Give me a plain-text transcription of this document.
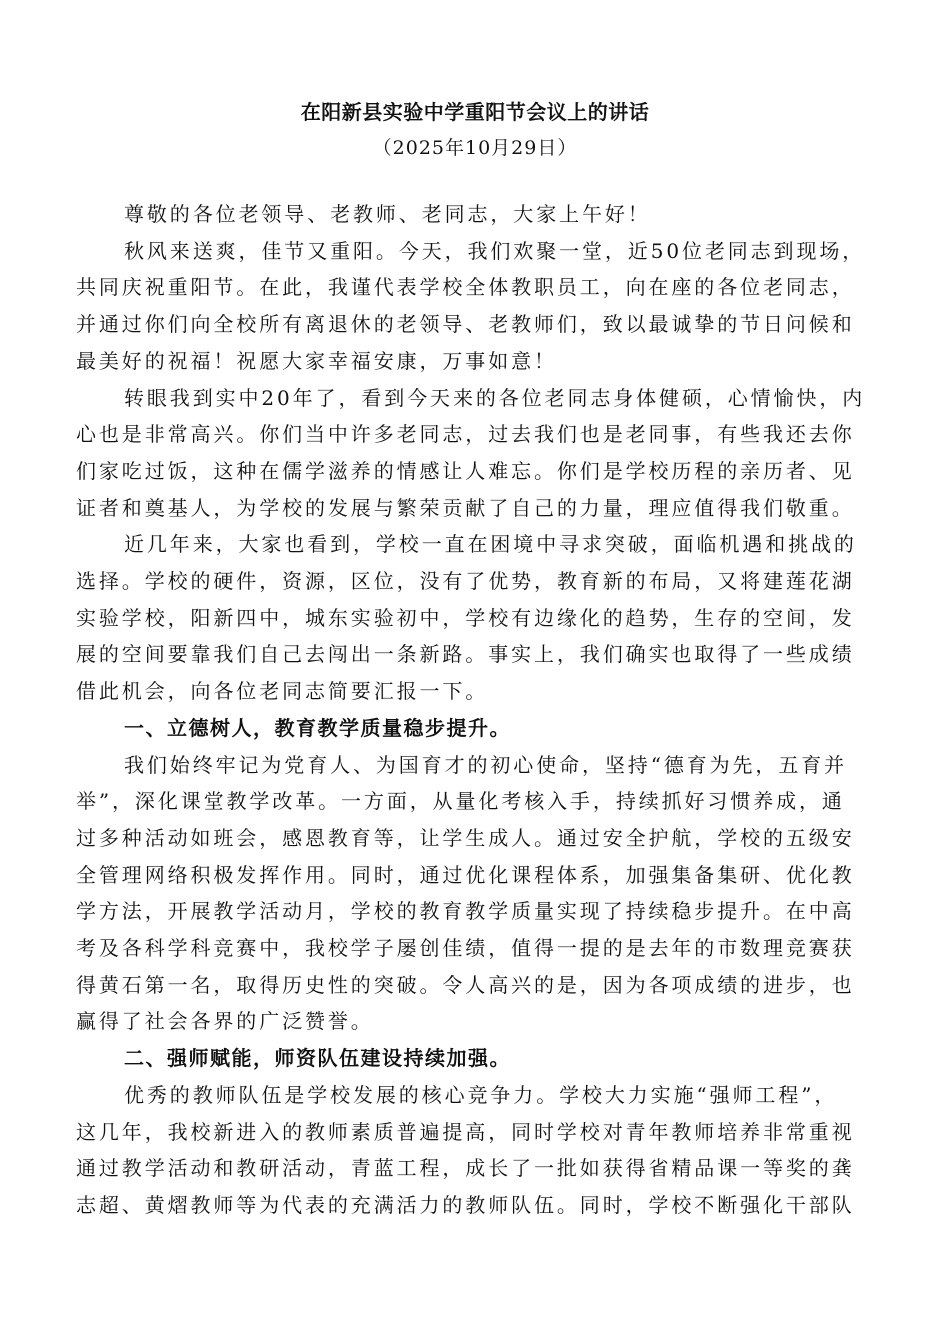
在阳新县实验中学重阳节会议上的讲话
（2025年10月29日）
尊敬的各位老领导、老教师、老同志，大家上午好！
秋风来送爽，佳节又重阳。今天，我们欢聚一堂，近50位老同志到现场，
共同庆祝重阳节。在此，我谨代表学校全体教职员工，向在座的各位老同志，
并通过你们向全校所有离退休的老领导、老教师们，致以最诚挚的节日问候和
最美好的祝福！祝愿大家幸福安康，万事如意！
转眼我到实中20年了，看到今天来的各位老同志身体健硕，心情愉快，内
心也是非常高兴。你们当中许多老同志，过去我们也是老同事，有些我还去你
们家吃过饭，这种在儒学滋养的情感让人难忘。你们是学校历程的亲历者、见
证者和奠基人，为学校的发展与繁荣贡献了自己的力量，理应值得我们敬重。
近几年来，大家也看到，学校一直在困境中寻求突破，面临机遇和挑战的
选择。学校的硬件，资源，区位，没有了优势，教育新的布局，又将建莲花湖
实验学校，阳新四中，城东实验初中，学校有边缘化的趋势，生存的空间，发
展的空间要靠我们自己去闯出一条新路。事实上，我们确实也取得了一些成绩
借此机会，向各位老同志简要汇报一下。
一、立德树人，教育教学质量稳步提升。
我们始终牢记为党育人、为国育才的初心使命，坚持“德育为先，五育并
举”，深化课堂教学改革。一方面，从量化考核入手，持续抓好习惯养成，通
过多种活动如班会，感恩教育等，让学生成人。通过安全护航，学校的五级安
全管理网络积极发挥作用。同时，通过优化课程体系，加强集备集研、优化教
学方法，开展教学活动月，学校的教育教学质量实现了持续稳步提升。在中高
考及各科学科竞赛中，我校学子屡创佳绩，值得一提的是去年的市数理竞赛获
得黄石第一名，取得历史性的突破。令人高兴的是，因为各项成绩的进步，也
赢得了社会各界的广泛赞誉。
二、强师赋能，师资队伍建设持续加强。
优秀的教师队伍是学校发展的核心竞争力。学校大力实施“强师工程”，
这几年，我校新进入的教师素质普遍提高，同时学校对青年教师培养非常重视
通过教学活动和教研活动，青蓝工程，成长了一批如获得省精品课一等奖的龚
志超、黄熠教师等为代表的充满活力的教师队伍。同时，学校不断强化干部队
